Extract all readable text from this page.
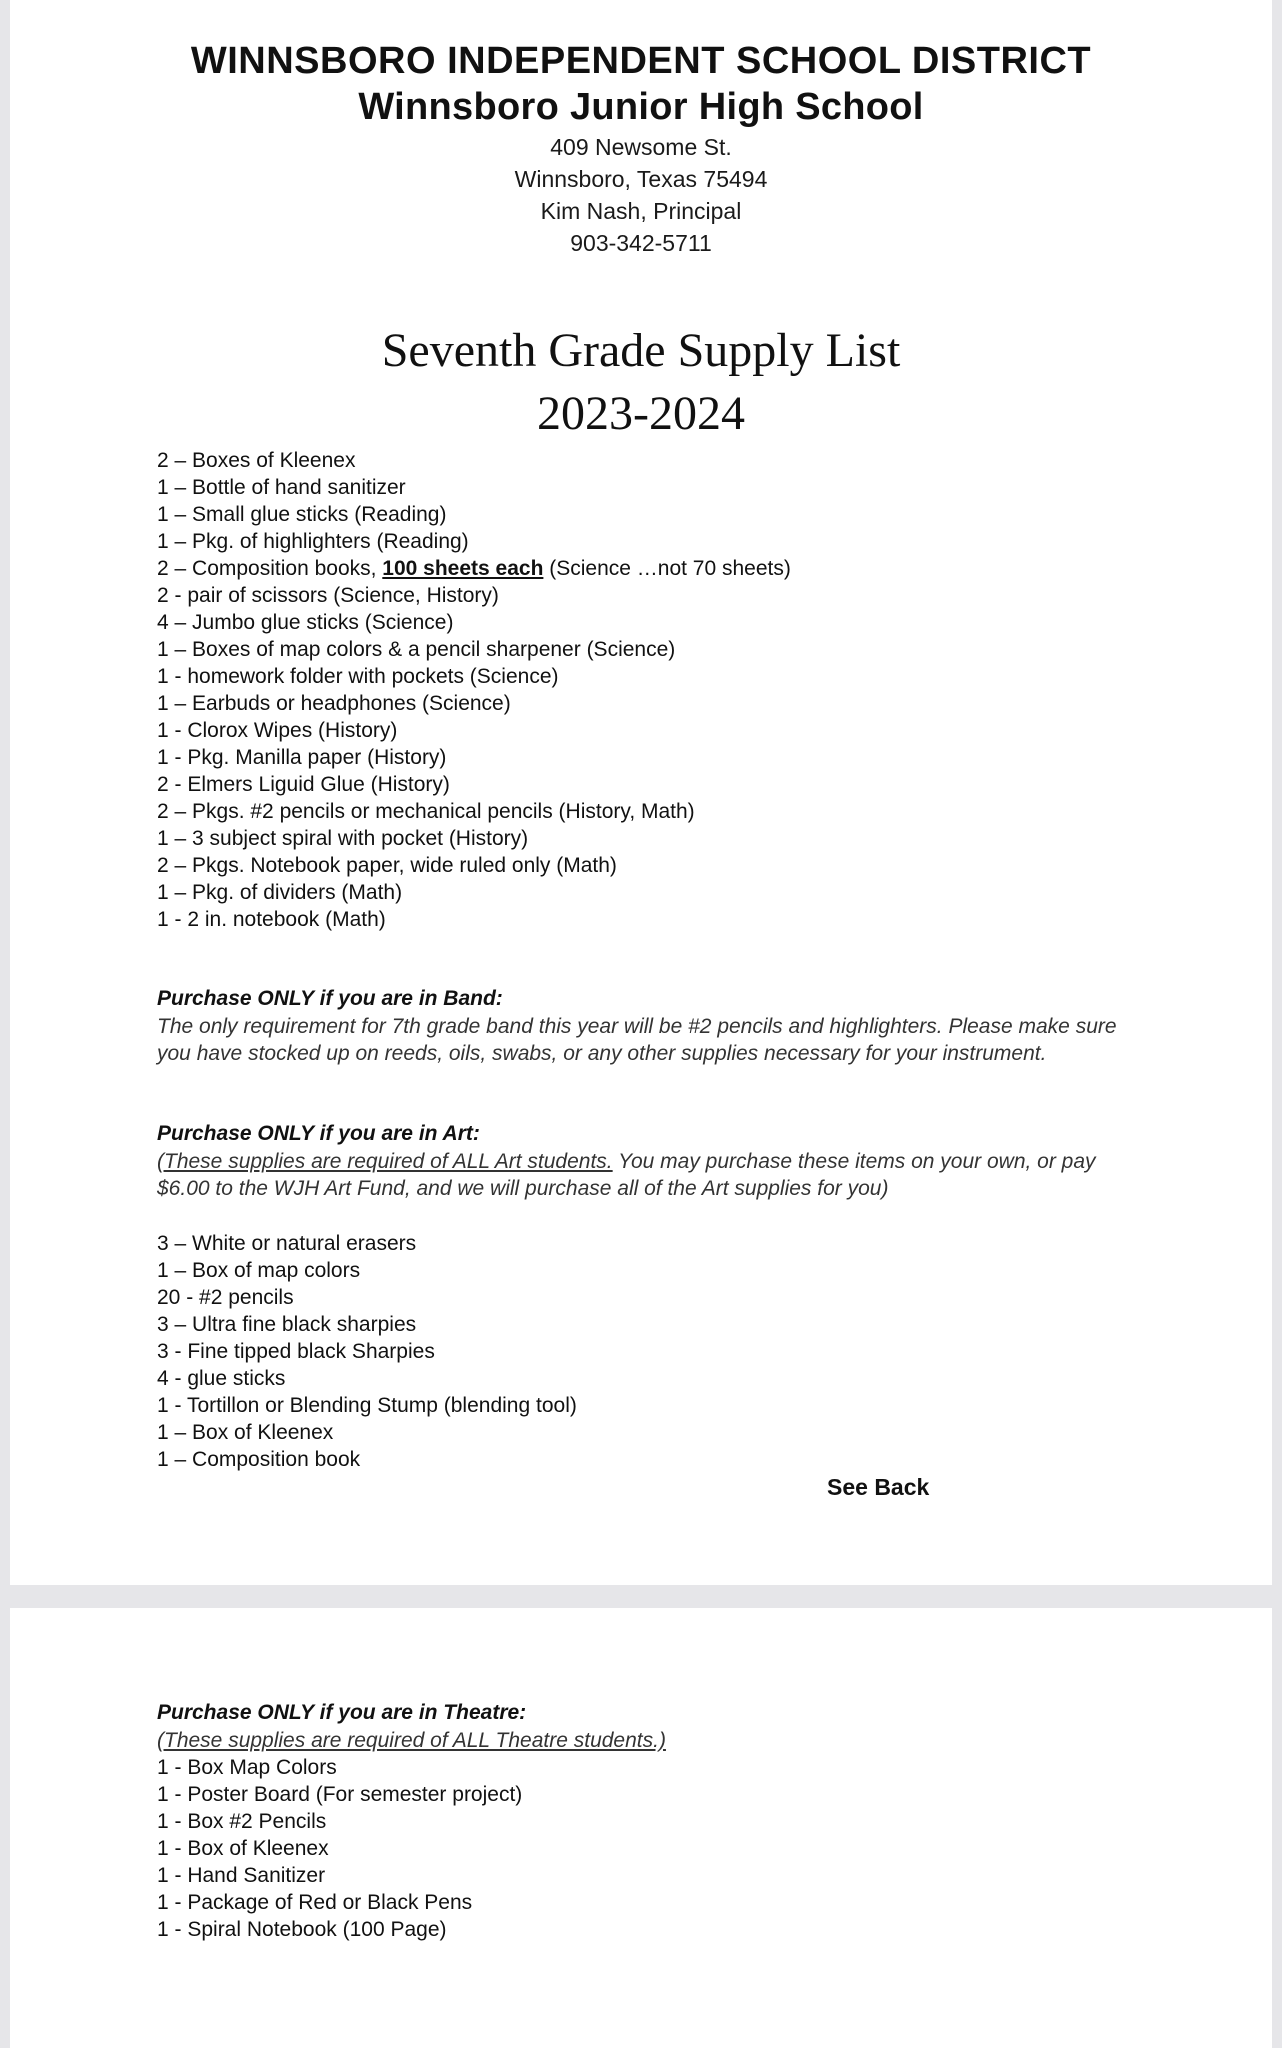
WINNSBORO INDEPENDENT SCHOOL DISTRICT
Winnsboro Junior High School
409 Newsome St.
Winnsboro, Texas 75494
Kim Nash, Principal
903-342-5711
Seventh Grade Supply List
2023-2024
2 – Boxes of Kleenex
1 – Bottle of hand sanitizer
1 – Small glue sticks (Reading)
1 – Pkg. of highlighters (Reading)
2 – Composition books, 100 sheets each (Science …not 70 sheets)
2 - pair of scissors (Science, History)
4 – Jumbo glue sticks (Science)
1 – Boxes of map colors & a pencil sharpener (Science)
1 - homework folder with pockets (Science)
1 – Earbuds or headphones (Science)
1 - Clorox Wipes (History)
1 - Pkg. Manilla paper (History)
2 - Elmers Liguid Glue (History)
2 – Pkgs. #2 pencils or mechanical pencils (History, Math)
1 – 3 subject spiral with pocket (History)
2 – Pkgs. Notebook paper, wide ruled only (Math)
1 – Pkg. of dividers (Math)
1 - 2 in. notebook (Math)
Purchase ONLY if you are in Band:
The only requirement for 7th grade band this year will be #2 pencils and highlighters. Please make sure you have stocked up on reeds, oils, swabs, or any other supplies necessary for your instrument.
Purchase ONLY if you are in Art:
(These supplies are required of ALL Art students. You may purchase these items on your own, or pay $6.00 to the WJH Art Fund, and we will purchase all of the Art supplies for you)
3 – White or natural erasers
1 – Box of map colors
20 - #2 pencils
3 – Ultra fine black sharpies
3 - Fine tipped black Sharpies
4 - glue sticks
1 - Tortillon or Blending Stump (blending tool)
1 – Box of Kleenex
1 – Composition book
See Back
Purchase ONLY if you are in Theatre:
(These supplies are required of ALL Theatre students.)
1 - Box Map Colors
1 - Poster Board (For semester project)
1 - Box #2 Pencils
1 - Box of Kleenex
1 - Hand Sanitizer
1 - Package of Red or Black Pens
1 - Spiral Notebook (100 Page)
